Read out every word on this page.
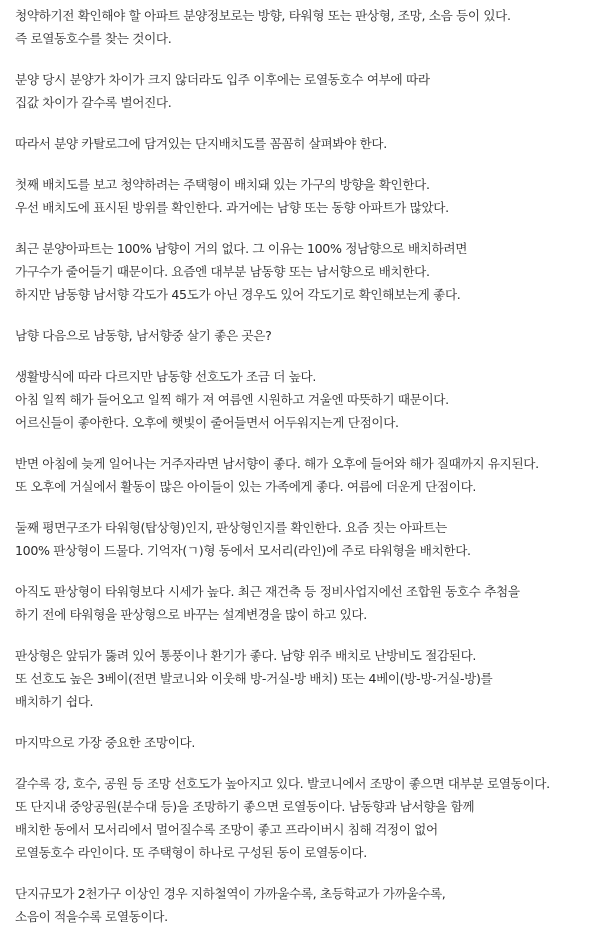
청약하기전 확인해야 할 아파트 분양정보로는 방향, 타워형 또는 판상형, 조망, 소음 등이 있다.
즉 로열동호수를 찾는 것이다.
분양 당시 분양가 차이가 크지 않더라도 입주 이후에는 로열동호수 여부에 따라
집값 차이가 갈수록 벌어진다.
따라서 분양 카탈로그에 담겨있는 단지배치도를 꼼꼼히 살펴봐야 한다.
첫째 배치도를 보고 청약하려는 주택형이 배치돼 있는 가구의 방향을 확인한다.
우선 배치도에 표시된 방위를 확인한다. 과거에는 남향 또는 동향 아파트가 많았다.
최근 분양아파트는 100% 남향이 거의 없다. 그 이유는 100% 정남향으로 배치하려면
가구수가 줄어들기 때문이다. 요즘엔 대부분 남동향 또는 남서향으로 배치한다.
하지만 남동향 남서향 각도가 45도가 아닌 경우도 있어 각도기로 확인해보는게 좋다.
남향 다음으로 남동향, 남서향중 살기 좋은 곳은?
생활방식에 따라 다르지만 남동향 선호도가 조금 더 높다.
아침 일찍 해가 들어오고 일찍 해가 져 여름엔 시원하고 겨울엔 따뜻하기 때문이다.
어르신들이 좋아한다. 오후에 햇빛이 줄어들면서 어두워지는게 단점이다.
반면 아침에 늦게 일어나는 거주자라면 남서향이 좋다. 해가 오후에 들어와 해가 질때까지 유지된다.
또 오후에 거실에서 활동이 많은 아이들이 있는 가족에게 좋다. 여름에 더운게 단점이다.
둘째 평면구조가 타워형(탑상형)인지, 판상형인지를 확인한다. 요즘 짓는 아파트는
100% 판상형이 드물다. 기억자(ㄱ)형 동에서 모서리(라인)에 주로 타워형을 배치한다.
아직도 판상형이 타워형보다 시세가 높다. 최근 재건축 등 정비사업지에선 조합원 동호수 추첨을
하기 전에 타워형을 판상형으로 바꾸는 설계변경을 많이 하고 있다.
판상형은 앞뒤가 뚫려 있어 통풍이나 환기가 좋다. 남향 위주 배치로 난방비도 절감된다.
또 선호도 높은 3베이(전면 발코니와 이웃해 방-거실-방 배치) 또는 4베이(방-방-거실-방)를
배치하기 쉽다.
마지막으로 가장 중요한 조망이다.
갈수록 강, 호수, 공원 등 조망 선호도가 높아지고 있다. 발코니에서 조망이 좋으면 대부분 로열동이다.
또 단지내 중앙공원(분수대 등)을 조망하기 좋으면 로열동이다. 남동향과 남서향을 함께
배치한 동에서 모서리에서 멀어질수록 조망이 좋고 프라이버시 침해 걱정이 없어
로열동호수 라인이다. 또 주택형이 하나로 구성된 동이 로열동이다.
단지규모가 2천가구 이상인 경우 지하철역이 가까울수록, 초등학교가 가까울수록,
소음이 적을수록 로열동이다.
